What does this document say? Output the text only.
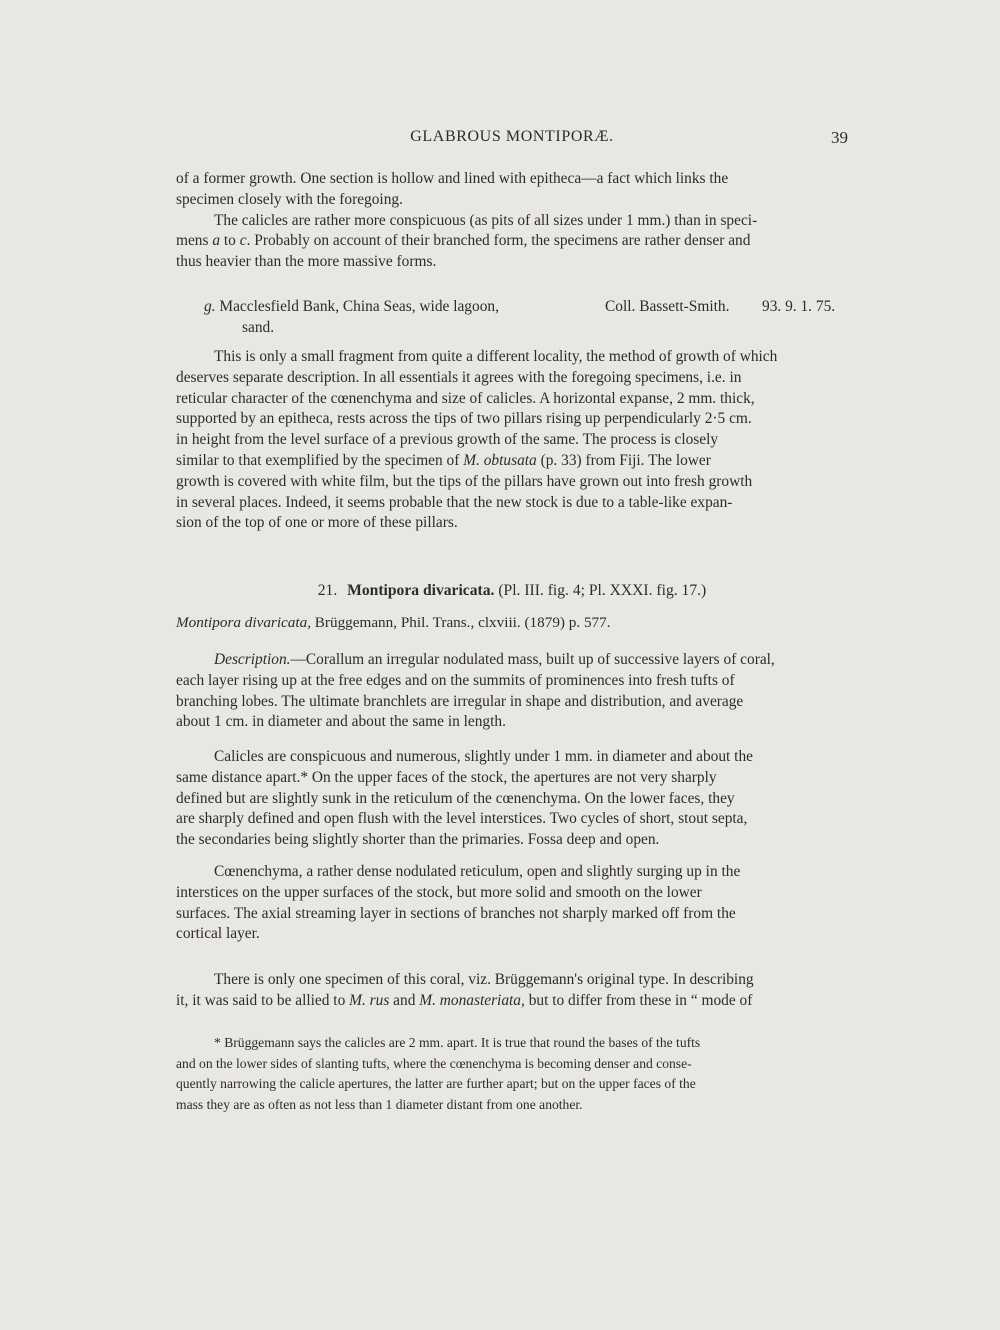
GLABROUS MONTIPORÆ.	39
of a former growth. One section is hollow and lined with epitheca—a fact which links the
specimen closely with the foregoing.
The calicles are rather more conspicuous (as pits of all sizes under 1 mm.) than in speci-
mens a to c. Probably on account of their branched form, the specimens are rather denser and
thus heavier than the more massive forms.
g. Macclesfield Bank, China Seas, wide lagoon,	Coll. Bassett-Smith. 93. 9. 1. 75.
sand.
This is only a small fragment from quite a different locality, the method of growth of which
deserves separate description. In all essentials it agrees with the foregoing specimens, i.e. in
reticular character of the cœnenchyma and size of calicles. A horizontal expanse, 2 mm. thick,
supported by an epitheca, rests across the tips of two pillars rising up perpendicularly 2·5 cm.
in height from the level surface of a previous growth of the same. The process is closely
similar to that exemplified by the specimen of M. obtusata (p. 33) from Fiji. The lower
growth is covered with white film, but the tips of the pillars have grown out into fresh growth
in several places. Indeed, it seems probable that the new stock is due to a table-like expan-
sion of the top of one or more of these pillars.
21. Montipora divaricata. (Pl. III. fig. 4; Pl. XXXI. fig. 17.)
Montipora divaricata, Brüggemann, Phil. Trans., clxviii. (1879) p. 577.
Description.—Corallum an irregular nodulated mass, built up of successive layers of coral,
each layer rising up at the free edges and on the summits of prominences into fresh tufts of
branching lobes. The ultimate branchlets are irregular in shape and distribution, and average
about 1 cm. in diameter and about the same in length.
Calicles are conspicuous and numerous, slightly under 1 mm. in diameter and about the
same distance apart.* On the upper faces of the stock, the apertures are not very sharply
defined but are slightly sunk in the reticulum of the cœnenchyma. On the lower faces, they
are sharply defined and open flush with the level interstices. Two cycles of short, stout septa,
the secondaries being slightly shorter than the primaries. Fossa deep and open.
Cœnenchyma, a rather dense nodulated reticulum, open and slightly surging up in the
interstices on the upper surfaces of the stock, but more solid and smooth on the lower
surfaces. The axial streaming layer in sections of branches not sharply marked off from the
cortical layer.
There is only one specimen of this coral, viz. Brüggemann's original type. In describing
it, it was said to be allied to M. rus and M. monasteriata, but to differ from these in “ mode of
* Brüggemann says the calicles are 2 mm. apart. It is true that round the bases of the tufts
and on the lower sides of slanting tufts, where the cœnenchyma is becoming denser and conse-
quently narrowing the calicle apertures, the latter are further apart; but on the upper faces of the
mass they are as often as not less than 1 diameter distant from one another.
